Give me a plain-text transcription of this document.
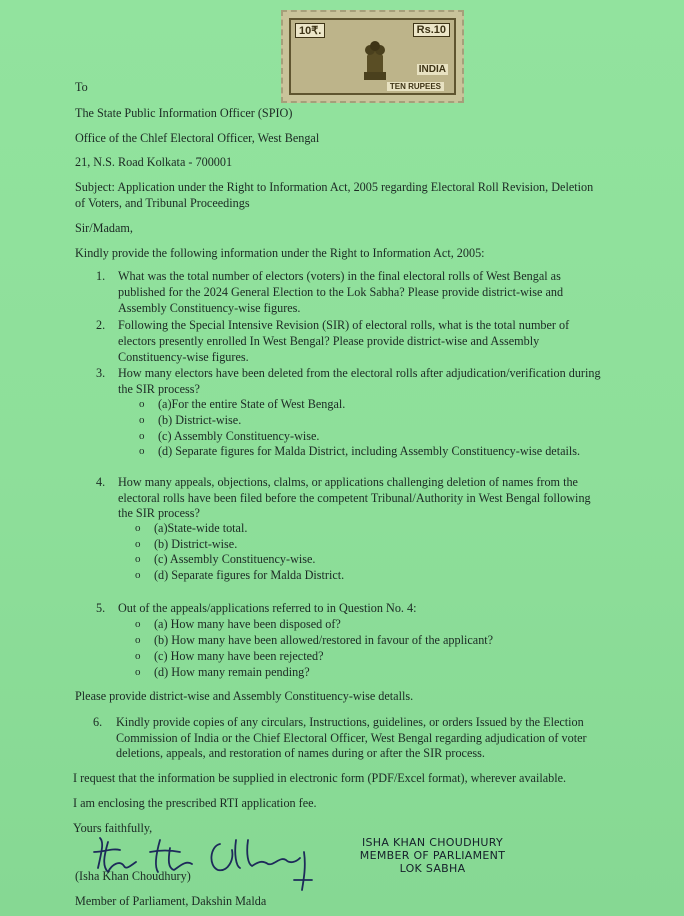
10₹.	Rs.10
INDIA
TEN RUPEES
To
The State Public Information Officer (SPIO)
Office of the Chlef Electoral Officer, West Bengal
21, N.S. Road Kolkata - 700001
Subject: Application under the Right to Information Act, 2005 regarding Electoral Roll Revision, Deletion
of Voters, and Tribunal Proceedings
Sir/Madam,
Kindly provide the following information under the Right to Information Act, 2005:
1. What was the total number of electors (voters) in the final electoral rolls of West Bengal as
published for the 2024 General Election to the Lok Sabha? Please provide district-wise and
Assembly Constituency-wise figures.
2. Following the Special Intensive Revision (SIR) of electoral rolls, what is the total number of
electors presently enrolled In West Bengal? Please provide district-wise and Assembly
Constituency-wise figures.
3. How many electors have been deleted from the electoral rolls after adjudication/verification during
the SIR process?
o (a)For the entire State of West Bengal.
o (b) District-wise.
o (c) Assembly Constituency-wise.
o (d) Separate figures for Malda District, including Assembly Constituency-wise details.
4. How many appeals, objections, clalms, or applications challenging deletion of names from the
electoral rolls have been filed before the competent Tribunal/Authority in West Bengal following
the SIR process?
o (a)State-wide total.
o (b) District-wise.
o (c) Assembly Constituency-wise.
o (d) Separate figures for Malda District.
5. Out of the appeals/applications referred to in Question No. 4:
o (a) How many have been disposed of?
o (b) How many have been allowed/restored in favour of the applicant?
o (c) How many have been rejected?
o (d) How many remain pending?
Please provide district-wise and Assembly Constituency-wise detalls.
6. Kindly provide copies of any circulars, Instructions, guidelines, or orders Issued by the Election
Commission of India or the Chief Electoral Officer, West Bengal regarding adjudication of voter
deletions, appeals, and restoration of names during or after the SIR process.
I request that the information be supplied in electronic form (PDF/Excel format), wherever available.
I am enclosing the prescribed RTI application fee.
Yours faithfully,
(Isha Khan Choudhury)
Member of Parliament, Dakshin Malda
ISHA KHAN CHOUDHURY
MEMBER OF PARLIAMENT
LOK SABHA
